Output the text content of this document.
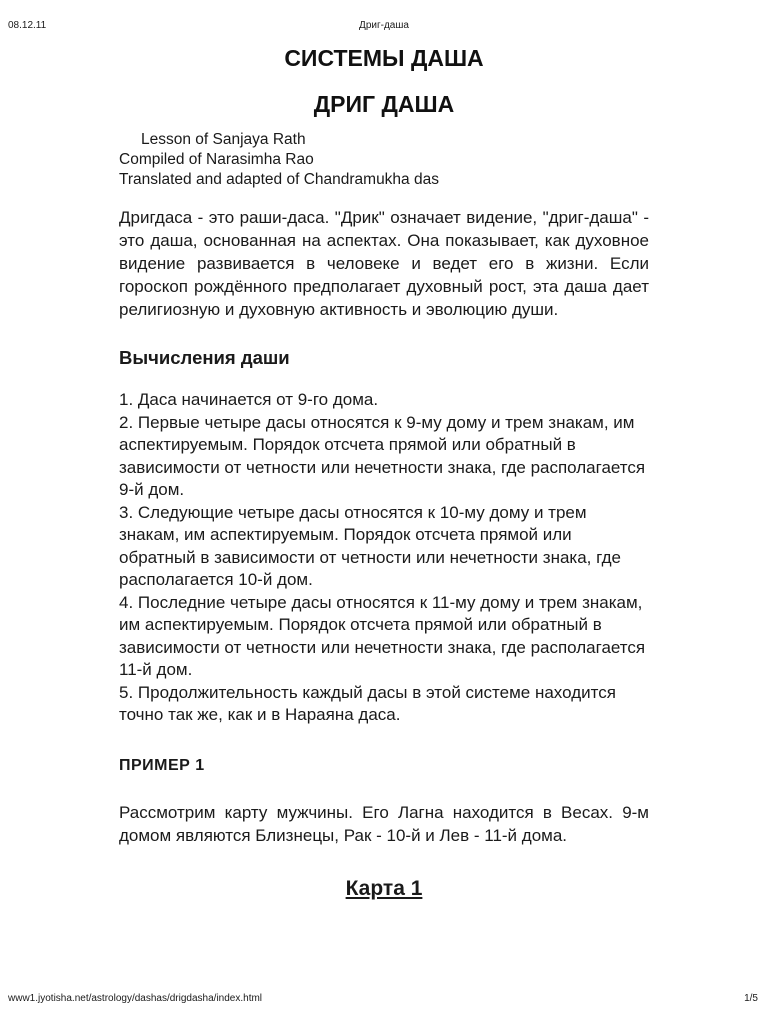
08.12.11	Дриг-даша
СИСТЕМЫ ДАША
ДРИГ ДАША
Lesson of Sanjaya Rath
Compiled of Narasimha Rao
Translated and adapted of Chandramukha das

Дригдаса - это раши-даса. "Дрик" означает видение, "дриг-даша" - это даша, основанная на аспектах. Она показывает, как духовное видение развивается в человеке и ведет его в жизни. Если гороскоп рождённого предполагает духовный рост, эта даша дает религиозную и духовную активность и эволюцию души.

Вычисления даши
1. Даса начинается от 9-го дома.
2. Первые четыре дасы относятся к 9-му дому и трем знакам, им аспектируемым. Порядок отсчета прямой или обратный в зависимости от четности или нечетности знака, где располагается 9-й дом.
3. Следующие четыре дасы относятся к 10-му дому и трем знакам, им аспектируемым. Порядок отсчета прямой или обратный в зависимости от четности или нечетности знака, где располагается 10-й дом.
4. Последние четыре дасы относятся к 11-му дому и трем знакам, им аспектируемым. Порядок отсчета прямой или обратный в зависимости от четности или нечетности знака, где располагается 11-й дом.
5. Продолжительность каждый дасы в этой системе находится точно так же, как и в Нараяна даса.
ПРИМЕР 1

Рассмотрим карту мужчины. Его Лагна находится в Весах. 9-м домом являются Близнецы, Рак - 10-й и Лев - 11-й дома.

Карта 1
www1.jyotisha.net/astrology/dashas/drigdasha/index.html	1/5
